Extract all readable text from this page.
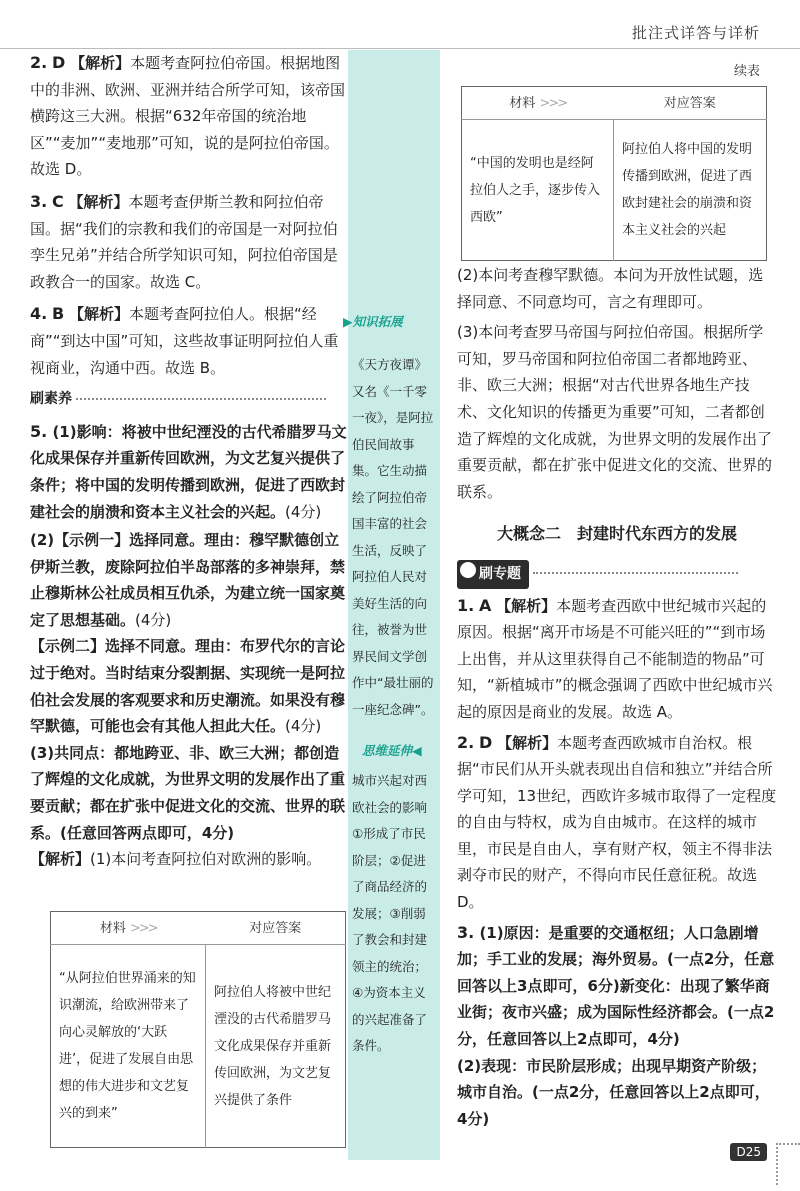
批注式详答与详析
续表
▶知识拓展
《天方夜谭》又名《一千零一夜》，是阿拉伯民间故事集。它生动描绘了阿拉伯帝国丰富的社会生活，反映了阿拉伯人民对美好生活的向往，被誉为世界民间文学创作中“最壮丽的一座纪念碑”。
思维延伸◀
城市兴起对西欧社会的影响①形成了市民阶层；②促进了商品经济的发展；③削弱了教会和封建领主的统治；④为资本主义的兴起准备了条件。
2. D 【解析】本题考查阿拉伯帝国。根据地图中的非洲、欧洲、亚洲并结合所学可知，该帝国横跨这三大洲。根据“632年帝国的统治地区”“麦加”“麦地那”可知，说的是阿拉伯帝国。故选 D。
3. C 【解析】本题考查伊斯兰教和阿拉伯帝国。据“我们的宗教和我们的帝国是一对阿拉伯孪生兄弟”并结合所学知识可知，阿拉伯帝国是政教合一的国家。故选 C。
4. B 【解析】本题考查阿拉伯人。根据“经商”“到达中国”可知，这些故事证明阿拉伯人重视商业，沟通中西。故选 B。
刷素养
5. (1)影响：将被中世纪湮没的古代希腊罗马文化成果保存并重新传回欧洲，为文艺复兴提供了条件；将中国的发明传播到欧洲，促进了西欧封建社会的崩溃和资本主义社会的兴起。(4分)
(2)【示例一】选择同意。理由：穆罕默德创立伊斯兰教，废除阿拉伯半岛部落的多神崇拜，禁止穆斯林公社成员相互仇杀，为建立统一国家奠定了思想基础。(4分)
【示例二】选择不同意。理由：布罗代尔的言论过于绝对。当时结束分裂割据、实现统一是阿拉伯社会发展的客观要求和历史潮流。如果没有穆罕默德，可能也会有其他人担此大任。(4分)
(3)共同点：都地跨亚、非、欧三大洲；都创造了辉煌的文化成就，为世界文明的发展作出了重要贡献；都在扩张中促进文化的交流、世界的联系。(任意回答两点即可，4分)
【解析】(1)本问考查阿拉伯对欧洲的影响。
材料 >>>	对应答案
“从阿拉伯世界涌来的知识潮流，给欧洲带来了向心灵解放的‘大跃进’，促进了发展自由思想的伟大进步和文艺复兴的到来”	阿拉伯人将被中世纪湮没的古代希腊罗马文化成果保存并重新传回欧洲，为文艺复兴提供了条件
材料 >>>	对应答案
“中国的发明也是经阿拉伯人之手，逐步传入西欧”	阿拉伯人将中国的发明传播到欧洲，促进了西欧封建社会的崩溃和资本主义社会的兴起
(2)本问考查穆罕默德。本问为开放性试题，选择同意、不同意均可，言之有理即可。
(3)本问考查罗马帝国与阿拉伯帝国。根据所学可知，罗马帝国和阿拉伯帝国二者都地跨亚、非、欧三大洲；根据“对古代世界各地生产技术、文化知识的传播更为重要”可知，二者都创造了辉煌的文化成就，为世界文明的发展作出了重要贡献，都在扩张中促进文化的交流、世界的联系。
大概念二　封建时代东西方的发展
刷专题
1. A 【解析】本题考查西欧中世纪城市兴起的原因。根据“离开市场是不可能兴旺的”“到市场上出售，并从这里获得自己不能制造的物品”可知，“新植城市”的概念强调了西欧中世纪城市兴起的原因是商业的发展。故选 A。
2. D 【解析】本题考查西欧城市自治权。根据“市民们从开头就表现出自信和独立”并结合所学可知，13世纪，西欧许多城市取得了一定程度的自由与特权，成为自由城市。在这样的城市里，市民是自由人，享有财产权，领主不得非法剥夺市民的财产，不得向市民任意征税。故选 D。
3. (1)原因：是重要的交通枢纽；人口急剧增加；手工业的发展；海外贸易。(一点2分，任意回答以上3点即可，6分)新变化：出现了繁华商业街；夜市兴盛；成为国际性经济都会。(一点2分，任意回答以上2点即可，4分)
(2)表现：市民阶层形成；出现早期资产阶级；城市自治。(一点2分，任意回答以上2点即可，4分)
D25
